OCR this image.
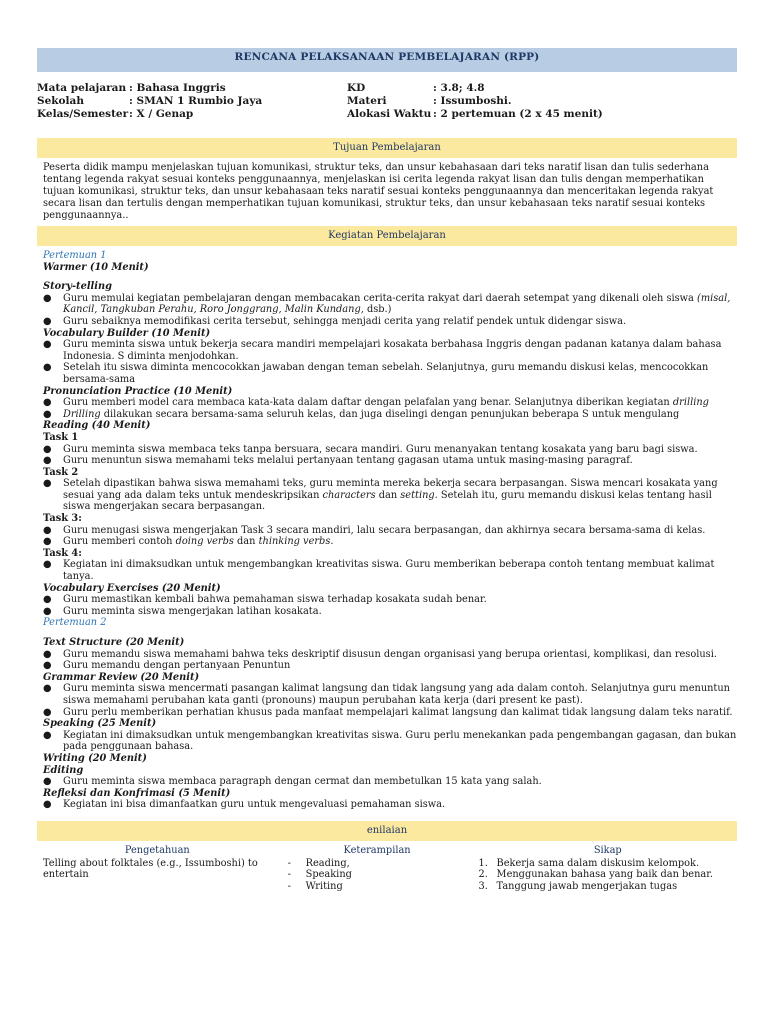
RENCANA PELAKSANAAN PEMBELAJARAN (RPP)
Mata pelajaran : Bahasa Inggris
Sekolah	: SMAN 1 Rumbio Jaya
Kelas/Semester: X / Genap
KD	: 3.8; 4.8
Materi	: Issumboshi.
Alokasi Waktu : 2 pertemuan (2 x 45 menit)
Tujuan Pembelajaran
Peserta didik mampu menjelaskan tujuan komunikasi, struktur teks, dan unsur kebahasaan dari teks naratif lisan dan tulis sederhana tentang legenda rakyat sesuai konteks penggunaannya, menjelaskan isi cerita legenda rakyat lisan dan tulis dengan memperhatikan tujuan komunikasi, struktur teks, dan unsur kebahasaan teks naratif sesuai konteks penggunaannya dan menceritakan legenda rakyat secara lisan dan tertulis dengan memperhatikan tujuan komunikasi, struktur teks, dan unsur kebahasaan teks naratif sesuai konteks penggunaannya..
Kegiatan Pembelajaran
Pertemuan 1
Warmer (10 Menit)
Story-telling
● Guru memulai kegiatan pembelajaran dengan membacakan cerita-cerita rakyat dari daerah setempat yang dikenali oleh siswa (misal, Kancil, Tangkuban Perahu, Roro Jonggrang, Malin Kundang, dsb.)
● Guru sebaiknya memodifikasi cerita tersebut, sehingga menjadi cerita yang relatif pendek untuk didengar siswa.
Vocabulary Builder (10 Menit)
● Guru meminta siswa untuk bekerja secara mandiri mempelajari kosakata berbahasa Inggris dengan padanan katanya dalam bahasa Indonesia. S diminta menjodohkan.
● Setelah itu siswa diminta mencocokkan jawaban dengan teman sebelah. Selanjutnya, guru memandu diskusi kelas, mencocokkan bersama-sama
Pronunciation Practice (10 Menit)
● Guru memberi model cara membaca kata-kata dalam daftar dengan pelafalan yang benar. Selanjutnya diberikan kegiatan drilling
● Drilling dilakukan secara bersama-sama seluruh kelas, dan juga diselingi dengan penunjukan beberapa S untuk mengulang
Reading (40 Menit)
Task 1
● Guru meminta siswa membaca teks tanpa bersuara, secara mandiri. Guru menanyakan tentang kosakata yang baru bagi siswa.
● Guru menuntun siswa memahami teks melalui pertanyaan tentang gagasan utama untuk masing-masing paragraf.
Task 2
● Setelah dipastikan bahwa siswa memahami teks, guru meminta mereka bekerja secara berpasangan. Siswa mencari kosakata yang sesuai yang ada dalam teks untuk mendeskripsikan characters dan setting. Setelah itu, guru memandu diskusi kelas tentang hasil siswa mengerjakan secara berpasangan.
Task 3:
● Guru menugasi siswa mengerjakan Task 3 secara mandiri, lalu secara berpasangan, dan akhirnya secara bersama-sama di kelas.
● Guru memberi contoh doing verbs dan thinking verbs.
Task 4:
● Kegiatan ini dimaksudkan untuk mengembangkan kreativitas siswa. Guru memberikan beberapa contoh tentang membuat kalimat tanya.
Vocabulary Exercises (20 Menit)
● Guru memastikan kembali bahwa pemahaman siswa terhadap kosakata sudah benar.
● Guru meminta siswa mengerjakan latihan kosakata.
Pertemuan 2
Text Structure (20 Menit)
● Guru memandu siswa memahami bahwa teks deskriptif disusun dengan organisasi yang berupa orientasi, komplikasi, dan resolusi.
● Guru memandu dengan pertanyaan Penuntun
Grammar Review (20 Menit)
● Guru meminta siswa mencermati pasangan kalimat langsung dan tidak langsung yang ada dalam contoh. Selanjutnya guru menuntun siswa memahami perubahan kata ganti (pronouns) maupun perubahan kata kerja (dari present ke past).
● Guru perlu memberikan perhatian khusus pada manfaat mempelajari kalimat langsung dan kalimat tidak langsung dalam teks naratif.
Speaking (25 Menit)
● Kegiatan ini dimaksudkan untuk mengembangkan kreativitas siswa. Guru perlu menekankan pada pengembangan gagasan, dan bukan pada penggunaan bahasa.
Writing (20 Menit)
Editing
● Guru meminta siswa membaca paragraph dengan cermat dan membetulkan 15 kata yang salah.
Refleksi dan Konfrimasi (5 Menit)
● Kegiatan ini bisa dimanfaatkan guru untuk mengevaluasi pemahaman siswa.
enilaian
Pengetahuan
Telling about folktales (e.g., Issumboshi) to entertain
Keterampilan
- Reading,
- Speaking
- Writing
Sikap
1. Bekerja sama dalam diskusim kelompok.
2. Menggunakan bahasa yang baik dan benar.
3. Tanggung jawab mengerjakan tugas
